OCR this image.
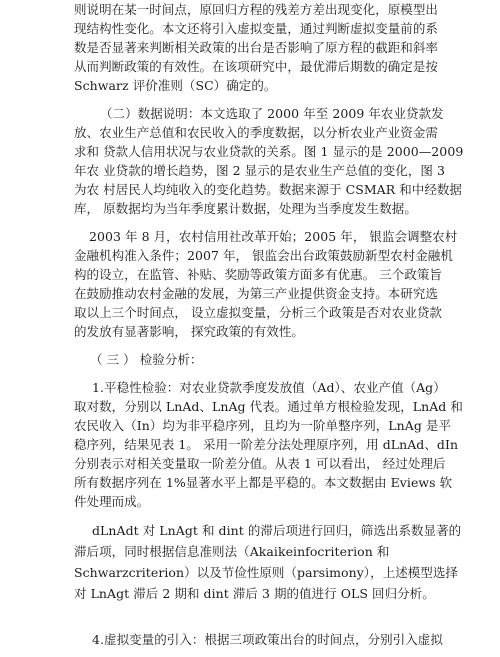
则说明在某一时间点，原回归方程的残差方差出现变化，原模型出
现结构性变化。本文还将引入虚拟变量，通过判断虚拟变量前的系
数是否显著来判断相关政策的出台是否影响了原方程的截距和斜率
从而判断政策的有效性。在该项研究中，最优滞后期数的确定是按
Schwarz 评价准则（SC）确定的。
（二）数据说明：本文选取了 2000 年至 2009 年农业贷款发
放、农业生产总值和农民收入的季度数据，以分析农业产业资金需
求和 贷款人信用状况与农业贷款的关系。图 1 显示的是 2000—2009
年农 业贷款的增长趋势，图 2 显示的是农业生产总值的变化，图 3
为农 村居民人均纯收入的变化趋势。数据来源于 CSMAR 和中经数据
库， 原数据均为当年季度累计数据，处理为当季度发生数据。
2003 年 8 月，农村信用社改革开始；2005 年， 银监会调整农村
金融机构准入条件；2007 年， 银监会出台政策鼓励新型农村金融机
构的设立，在监管、补贴、奖励等政策方面多有优惠。 三个政策旨
在鼓励推动农村金融的发展，为第三产业提供资金支持。本研究选
取以上三个时间点， 设立虚拟变量，分析三个政策是否对农业贷款
的发放有显著影响， 探究政策的有效性。
（ 三 ） 检验分析：
1.平稳性检验：对农业贷款季度发放值（Ad）、农业产值（Ag）
取对数，分别以 LnAd、LnAg 代表。通过单方根检验发现，LnAd 和
农民收入（In）均为非平稳序列，且均为一阶单整序列，LnAg 是平
稳序列，结果见表 1。 采用一阶差分法处理原序列，用 dLnAd、dIn
分别表示对相关变量取一阶差分值。从表 1 可以看出， 经过处理后
所有数据序列在 1%显著水平上都是平稳的。本文数据由 Eviews 软
件处理而成。
dLnAdt 对 LnAgt 和 dint 的滞后项进行回归，筛选出系数显著的
滞后项，同时根据信息准则法（Akaikeinfocriterion 和
Schwarzcriterion）以及节俭性原则（parsimony），上述模型选择
对 LnAgt 滞后 2 期和 dint 滞后 3 期的值进行 OLS 回归分析。
4.虚拟变量的引入：根据三项政策出台的时间点，分别引入虚拟
